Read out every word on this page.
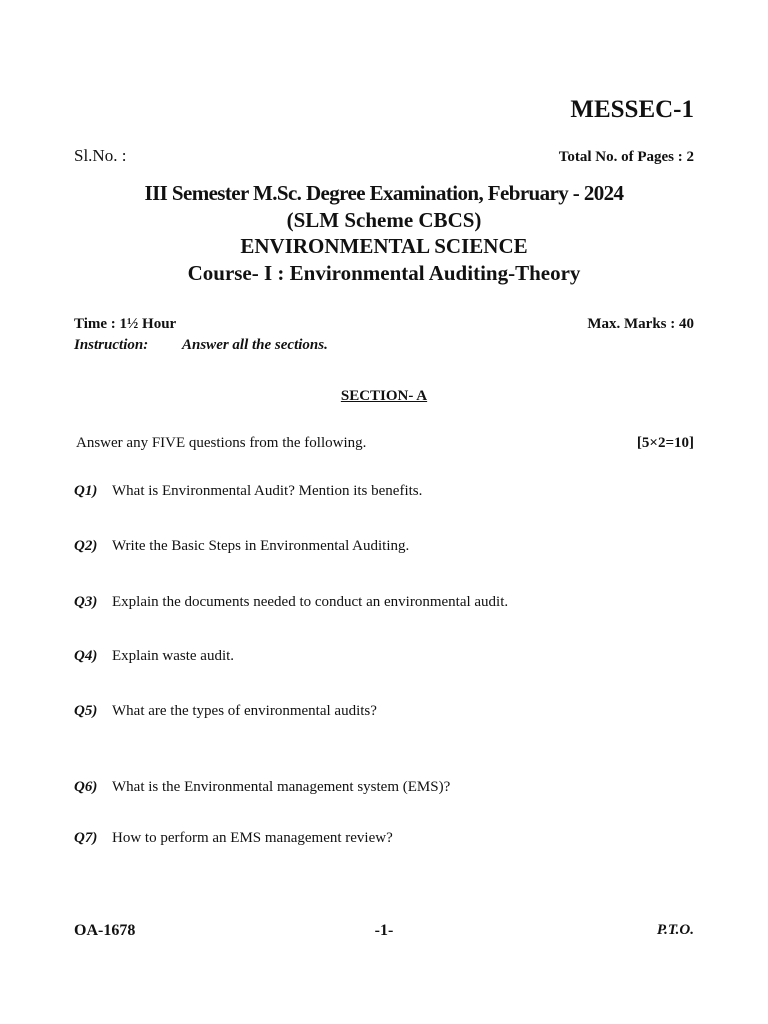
MESSEC-1
Sl.No. :	Total No. of Pages : 2
III Semester M.Sc. Degree Examination, February - 2024
(SLM Scheme CBCS)
ENVIRONMENTAL SCIENCE
Course- I : Environmental Auditing-Theory
Time : 1½ Hour	Max. Marks : 40
Instruction: Answer all the sections.
SECTION- A
Answer any FIVE questions from the following.	[5×2=10]
Q1) What is Environmental Audit? Mention its benefits.
Q2) Write the Basic Steps in Environmental Auditing.
Q3) Explain the documents needed to conduct an environmental audit.
Q4) Explain waste audit.
Q5) What are the types of environmental audits?
Q6) What is the Environmental management system (EMS)?
Q7) How to perform an EMS management review?
OA-1678	-1-	P.T.O.
